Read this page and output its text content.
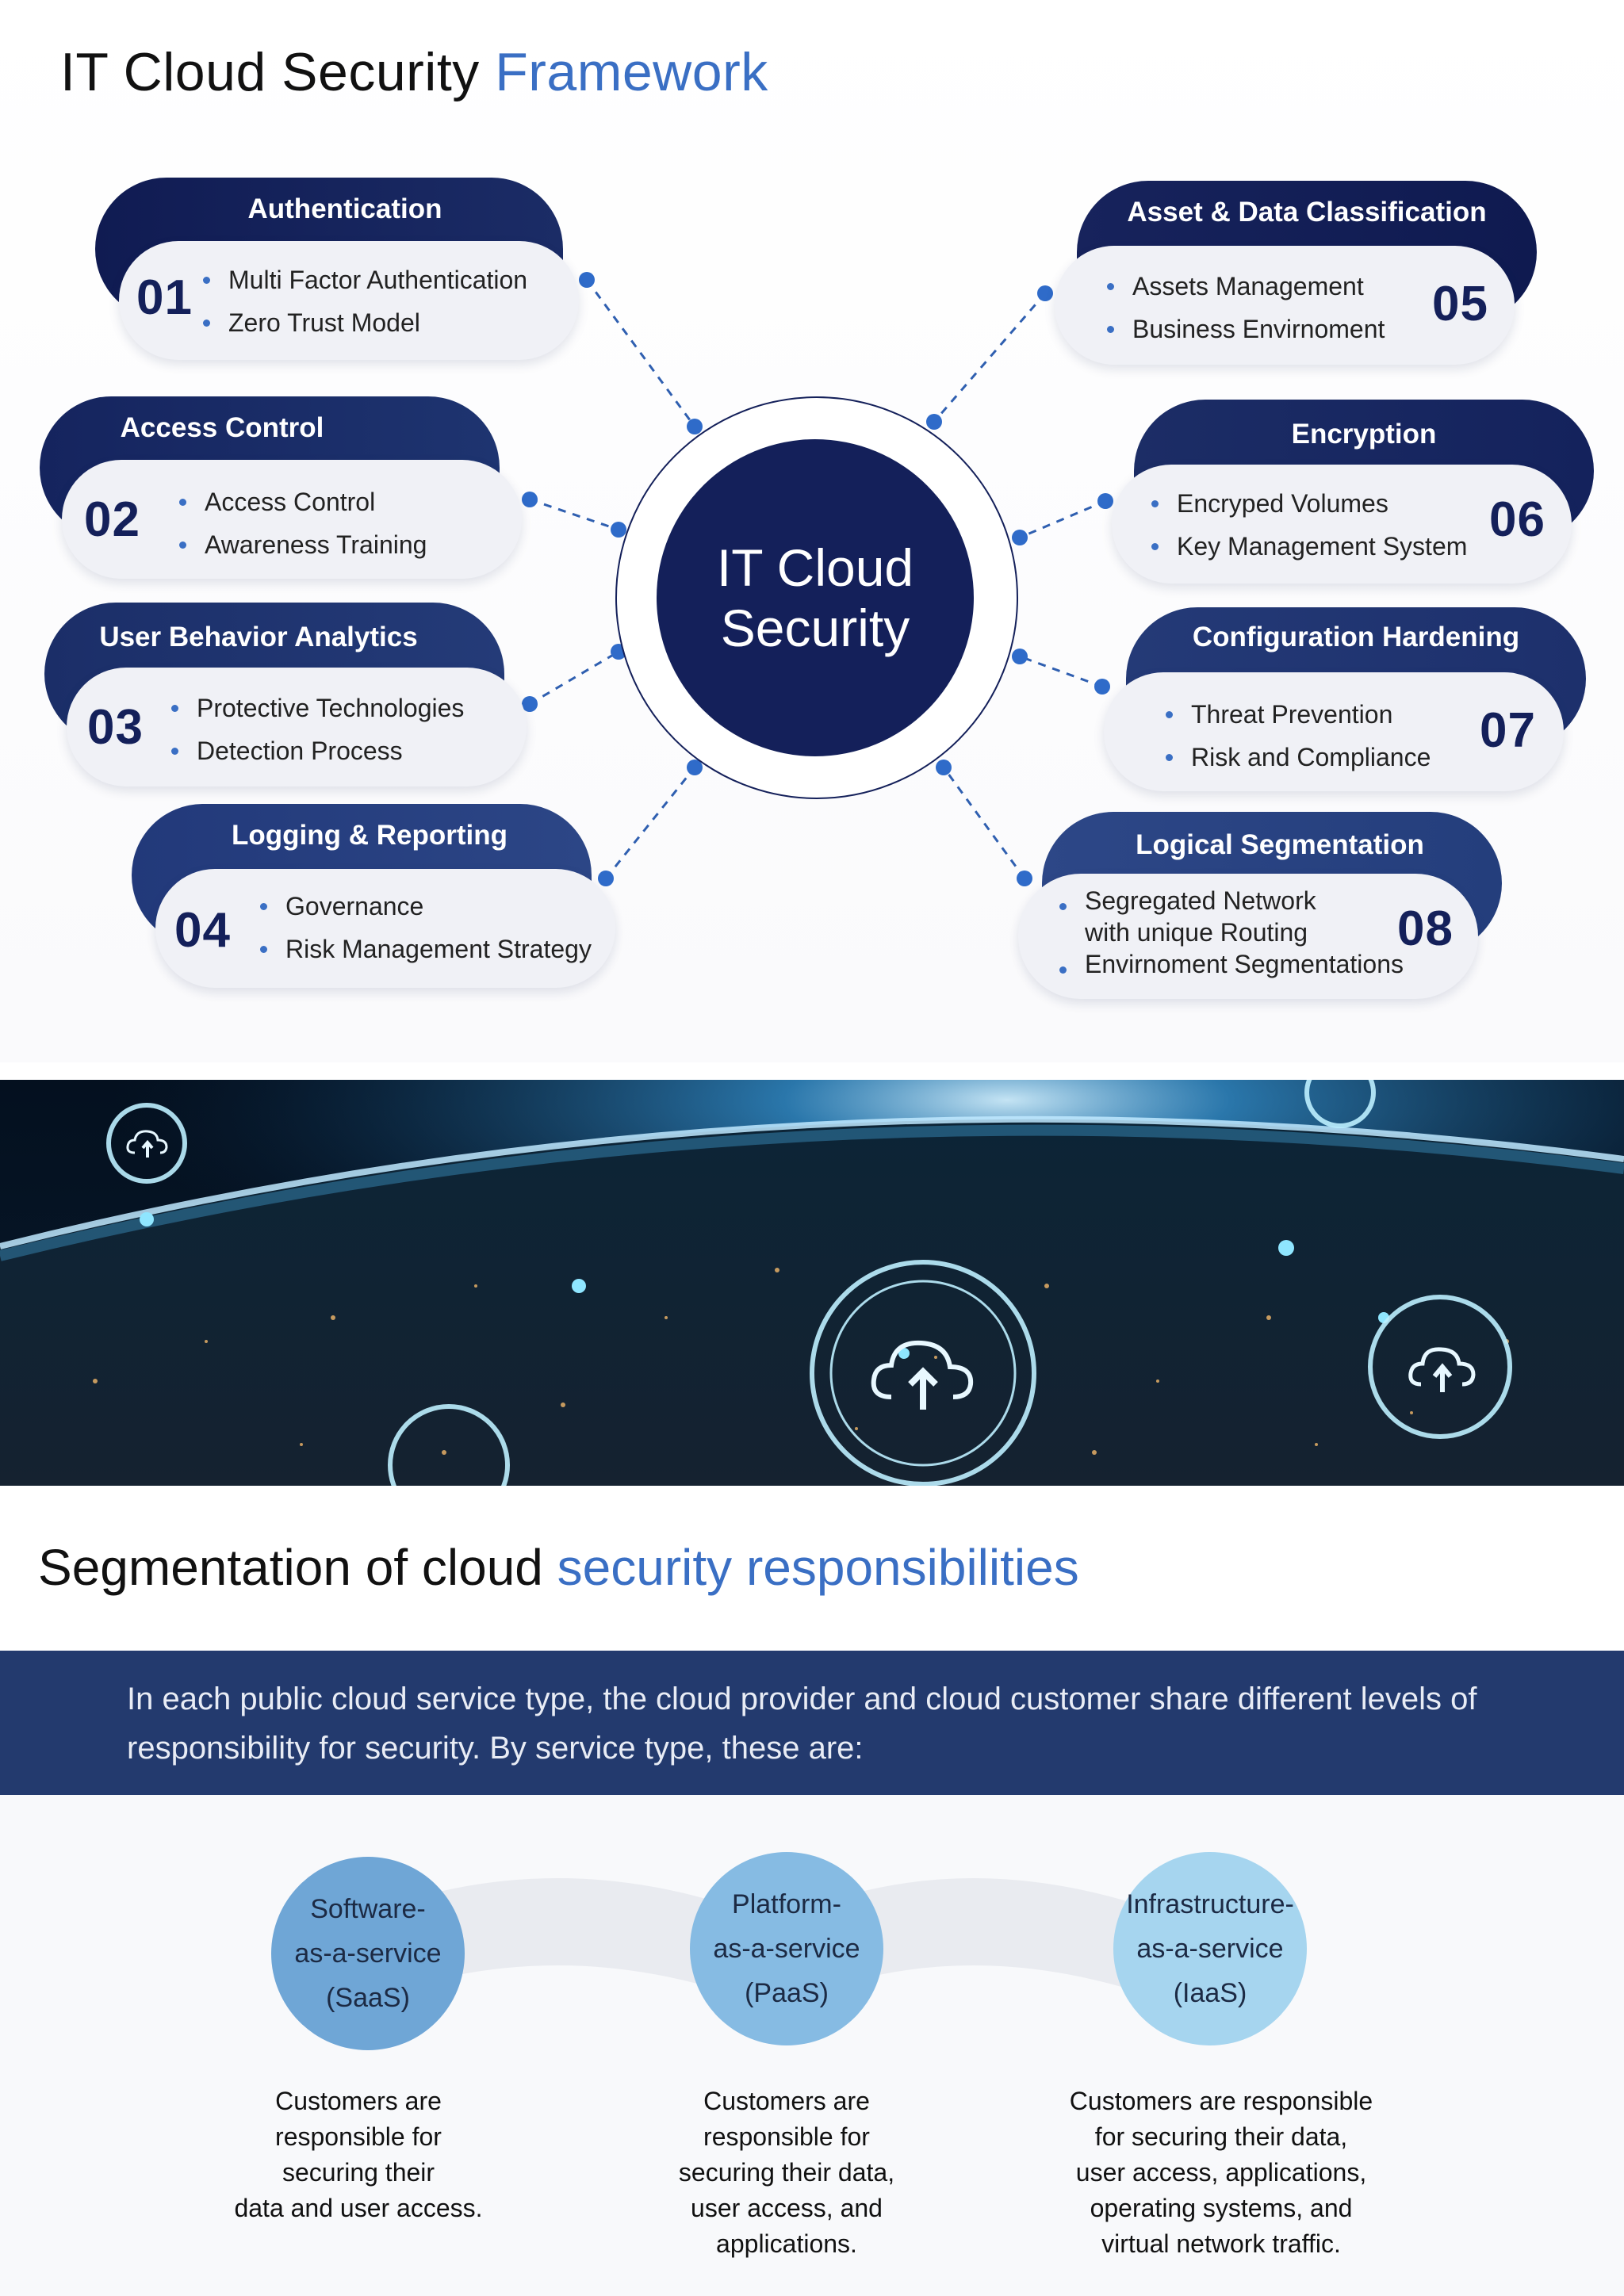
IT Cloud Security Framework
IT Cloud
Security
Authentication
01	Multi Factor Authentication
Zero Trust Model
Access Control
02	Access Control
Awareness Training
User Behavior Analytics
03	Protective Technologies
Detection Process
Logging & Reporting
04	Governance
Risk Management Strategy
Asset & Data Classification
Assets Management
Business Envirnoment 05
Encryption
Encryped Volumes
Key Management System 06
Configuration Hardening
Threat Prevention
Risk and Compliance 07
Logical Segmentation
Segregated Network
with unique Routing
Envirnoment Segmentations
08
Segmentation of cloud security responsibilities
In each public cloud service type, the cloud provider and cloud customer share different levels of responsibility for security. By service type, these are:
Software-
as-a-service
(SaaS)
Platform-
as-a-service
(PaaS)
Infrastructure-
as-a-service
(IaaS)
Customers are
responsible for
securing their
data and user access.
Customers are
responsible for
securing their data,
user access, and
applications.
Customers are responsible
for securing their data,
user access, applications,
operating systems, and
virtual network traffic.
